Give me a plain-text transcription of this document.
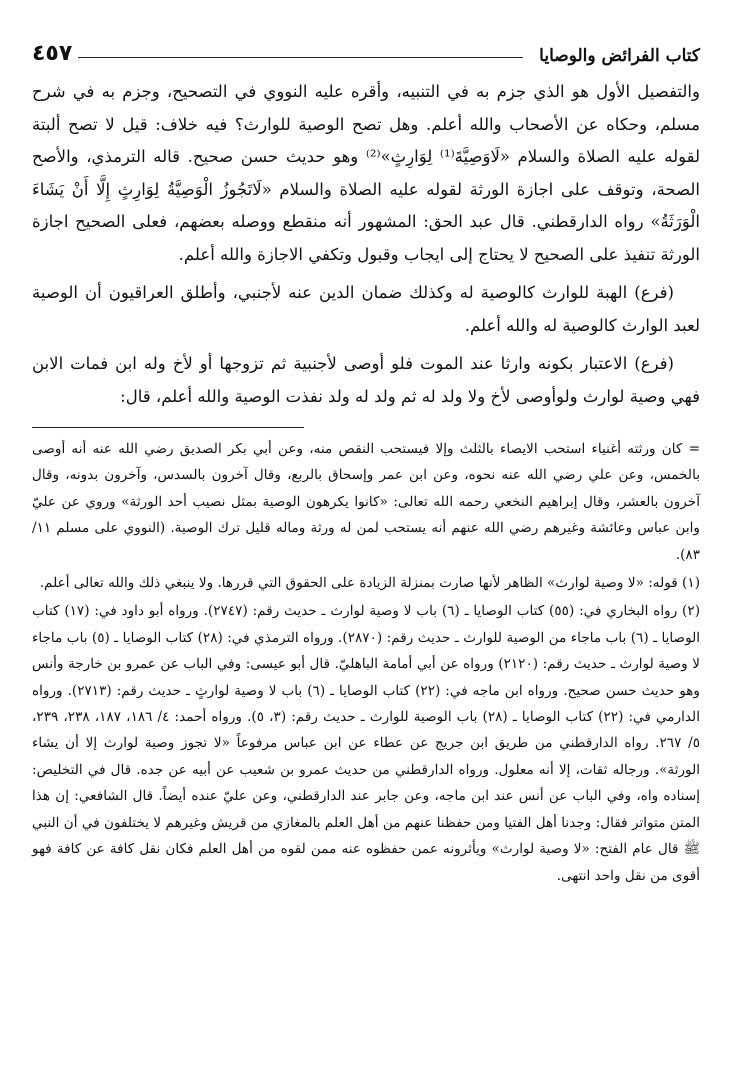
كتاب الفرائض والوصايا
٤٥٧

والتفصيل الأول هو الذي جزم به في التنبيه، وأقره عليه النووي في التصحيح، وجزم به في شرح مسلم، وحكاه عن الأصحاب والله أعلم. وهل تصح الوصية للوارث؟ فيه خلاف: قيل لا تصح ألبتة لقوله عليه الصلاة والسلام «لَاوَصِيَّةَ⁽¹⁾ لِوَارِثٍ»⁽²⁾ وهو حديث حسن صحيح. قاله الترمذي، والأصح الصحة، وتوقف على اجازة الورثة لقوله عليه الصلاة والسلام «لَاتَجُوزُ الْوَصِيَّةُ لِوَارِثٍ إِلَّا أَنْ يَشَاءَ الْوَرَثَةُ» رواه الدارقطني. قال عبد الحق: المشهور أنه منقطع ووصله بعضهم، فعلى الصحيح اجازة الورثة تنفيذ على الصحيح لا يحتاج إلى ايجاب وقبول وتكفي الاجازة والله أعلم.

(فرع) الهبة للوارث كالوصية له وكذلك ضمان الدين عنه لأجنبي، وأطلق العراقيون أن الوصية لعبد الوارث كالوصية له والله أعلم.

(فرع) الاعتبار بكونه وارثا عند الموت فلو أوصى لأجنبية ثم تزوجها أو لأخ وله ابن فمات الابن فهي وصية لوارث ولوأوصى لأخ ولا ولد له ثم ولد له ولد نفذت الوصية والله أعلم، قال:

= كان ورثته أغنياء استحب الايصاء بالثلث وإلا فيستحب النقص منه، وعن أبي بكر الصديق رضي الله عنه أنه أوصى بالخمس، وعن علي رضي الله عنه نحوه، وعن ابن عمر وإسحاق بالربع، وقال آخرون بالسدس، وآخرون بدونه، وقال آخرون بالعشر، وقال إبراهيم النخعي رحمه الله تعالى: «كانوا يكرهون الوصية بمثل نصيب أحد الورثة» وروي عن عليّ وابن عباس وعائشة وغيرهم رضي الله عنهم أنه يستحب لمن له ورثة وماله قليل ترك الوصية. (النووي على مسلم ١١/ ٨٣).

(١) قوله: «لا وصية لوارث» الظاهر لأنها صارت بمنزلة الزيادة على الحقوق التي قررها. ولا ينبغي ذلك والله تعالى أعلم.

(٢) رواه البخاري في: (٥٥) كتاب الوصايا ـ (٦) باب لا وصية لوارث ـ حديث رقم: (٢٧٤٧). ورواه أبو داود في: (١٧) كتاب الوصايا ـ (٦) باب ماجاء من الوصية للوارث ـ حديث رقم: (٢٨٧٠). ورواه الترمذي في: (٢٨) كتاب الوصايا ـ (٥) باب ماجاء لا وصية لوارث ـ حديث رقم: (٢١٢٠) ورواه عن أبي أمامة الباهليّ. قال أبو عيسى: وفي الباب عن عمرو بن خارجة وأنس وهو حديث حسن صحيح. ورواه ابن ماجه في: (٢٢) كتاب الوصايا ـ (٦) باب لا وصية لوارثٍ ـ حديث رقم: (٢٧١٣). ورواه الدارمي في: (٢٢) كتاب الوصايا ـ (٢٨) باب الوصية للوارث ـ حديث رقم: (٣، ٥). ورواه أحمد: ٤/ ١٨٦، ١٨٧، ٢٣٨، ٢٣٩، ٥/ ٢٦٧. رواه الدارقطني من طريق ابن جريج عن عطاء عن ابن عباس مرفوعاً «لا تجوز وصية لوارث إلا أن يشاء الورثة». ورجاله ثقات، إلا أنه معلول. ورواه الدارقطني من حديث عمرو بن شعيب عن أبيه عن جده. قال في التخليص: إسناده واه، وفي الباب عن أنس عند ابن ماجه، وعن جابر عند الدارقطني، وعن عليّ عنده أيضاً. قال الشافعي: إن هذا المتن متواتر فقال: وجدنا أهل الفتيا ومن حفظنا عنهم من أهل العلم بالمغازي من قريش وغيرهم لا يختلفون في أن النبي ﷺ قال عام الفتح: «لا وصية لوارث» ويأثرونه عمن حفظوه عنه ممن لقوه من أهل العلم فكان نقل كافة عن كافة فهو أقوى من نقل واحد انتهى.
